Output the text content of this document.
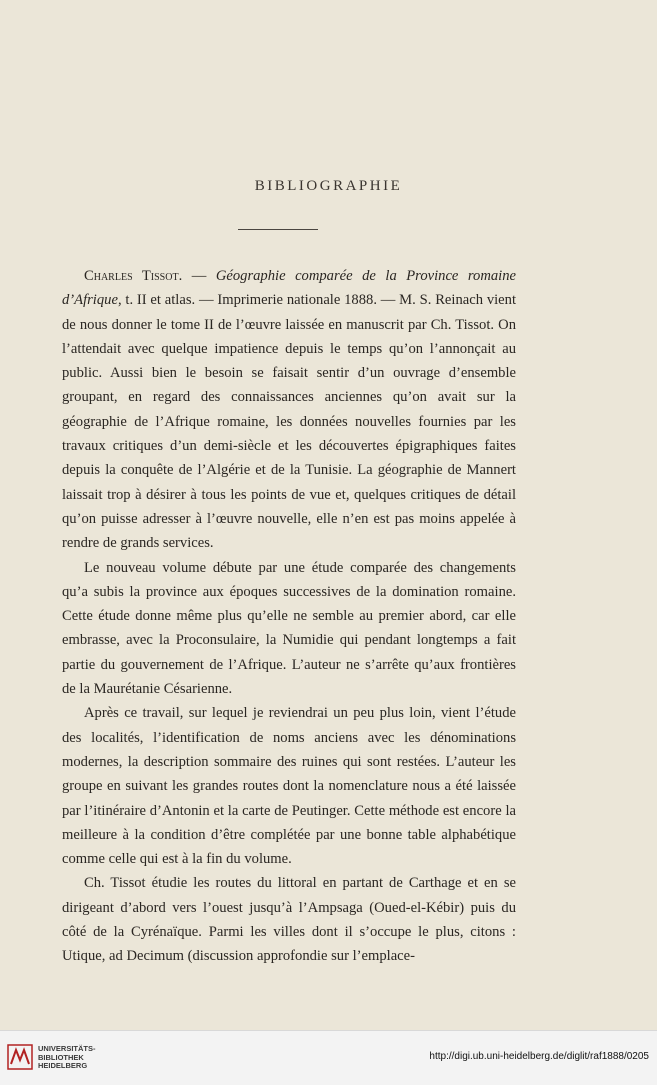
BIBLIOGRAPHIE

Charles Tissot. — Géographie comparée de la Province romaine d’Afrique, t. II et atlas. — Imprimerie nationale 1888. — M. S. Reinach vient de nous donner le tome II de l’œuvre laissée en manuscrit par Ch. Tissot. On l’attendait avec quelque impatience depuis le temps qu’on l’annonçait au public. Aussi bien le besoin se faisait sentir d’un ouvrage d’ensemble groupant, en regard des connaissances anciennes qu’on avait sur la géographie de l’Afrique romaine, les données nouvelles fournies par les travaux critiques d’un demi-siècle et les découvertes épigraphiques faites depuis la conquête de l’Algérie et de la Tunisie. La géographie de Mannert laissait trop à désirer à tous les points de vue et, quelques critiques de détail qu’on puisse adresser à l’œuvre nouvelle, elle n’en est pas moins appelée à rendre de grands services.

Le nouveau volume débute par une étude comparée des changements qu’a subis la province aux époques successives de la domination romaine. Cette étude donne même plus qu’elle ne semble au premier abord, car elle embrasse, avec la Proconsulaire, la Numidie qui pendant longtemps a fait partie du gouvernement de l’Afrique. L’auteur ne s’arrête qu’aux frontières de la Maurétanie Césarienne.

Après ce travail, sur lequel je reviendrai un peu plus loin, vient l’étude des localités, l’identification de noms anciens avec les dénominations modernes, la description sommaire des ruines qui sont restées. L’auteur les groupe en suivant les grandes routes dont la nomenclature nous a été laissée par l’itinéraire d’Antonin et la carte de Peutinger. Cette méthode est encore la meilleure à la condition d’être complétée par une bonne table alphabétique comme celle qui est à la fin du volume.

Ch. Tissot étudie les routes du littoral en partant de Carthage et en se dirigeant d’abord vers l’ouest jusqu’à l’Ampsaga (Oued-el-Kébir) puis du côté de la Cyrénaïque. Parmi les villes dont il s’occupe le plus, citons : Utique, ad Decimum (discussion approfondie sur l’emplace-

UNIVERSITÄTS-
BIBLIOTHEK
HEIDELBERG
http://digi.ub.uni-heidelberg.de/diglit/raf1888/0205
